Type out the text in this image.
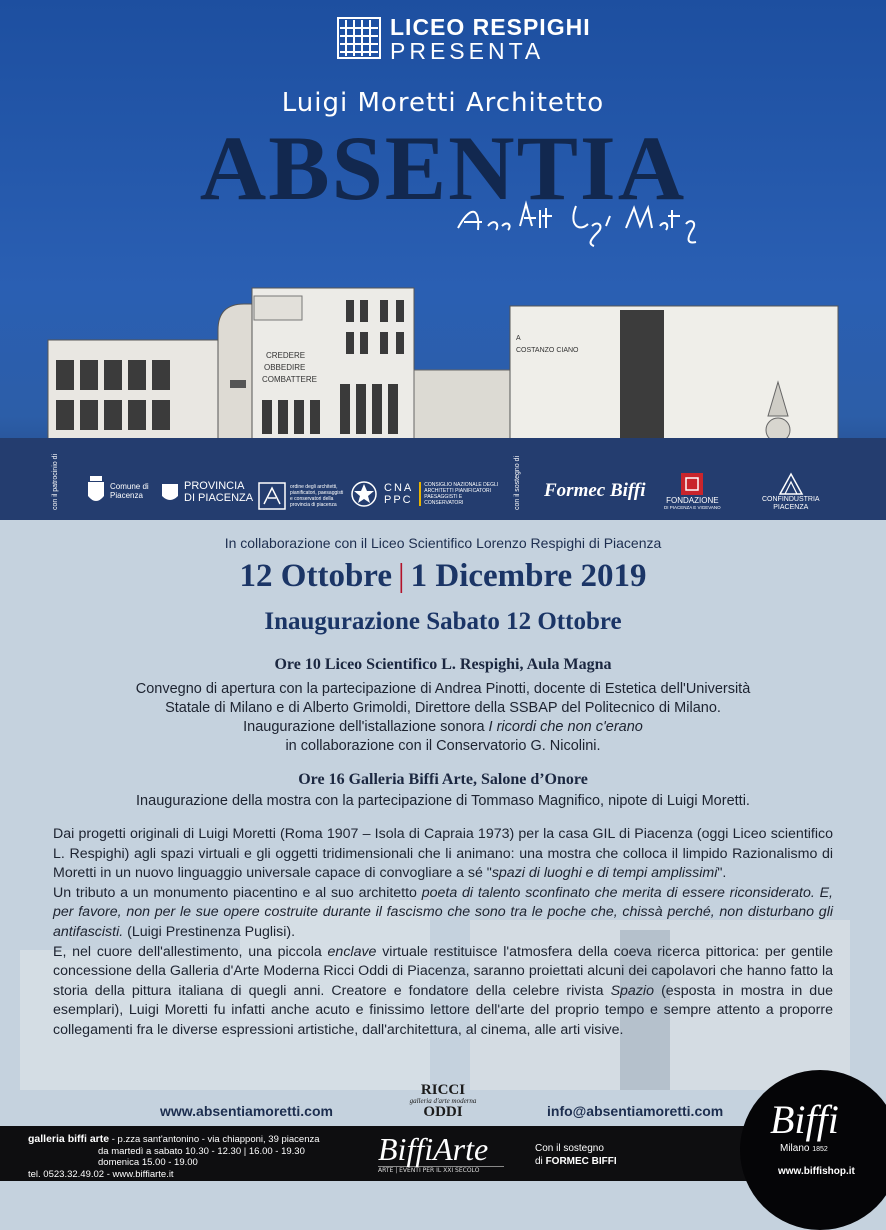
LICEO RESPIGHI
PRESENTA
Luigi Moretti Architetto
ABSENTIA
CREDERE
OBBEDIRE
COMBATTERE
A
COSTANZO CIANO
con il patrocinio di	Comune di Piacenza
PROVINCIA
DI PIACENZA
ordine degli architetti, pianificatori, paesaggisti e conservatori della provincia di piacenza
CNA
PPC
CONSIGLIO NAZIONALE DEGLI ARCHITETTI PIANIFICATORI PAESAGGISTI E CONSERVATORI	con il sostegno di Formec Biffi	FONDAZIONE
DI PIACENZA E VIGEVANO
CONFINDUSTRIA
PIACENZA
In collaborazione con il Liceo Scientifico Lorenzo Respighi di Piacenza
12 Ottobre | 1 Dicembre 2019
Inaugurazione Sabato 12 Ottobre
Ore 10 Liceo Scientifico L. Respighi, Aula Magna
Convegno di apertura con la partecipazione di Andrea Pinotti, docente di Estetica dell'Università
Statale di Milano e di Alberto Grimoldi, Direttore della SSBAP del Politecnico di Milano.
Inaugurazione dell'istallazione sonora I ricordi che non c'erano
in collaborazione con il Conservatorio G. Nicolini.
Ore 16 Galleria Biffi Arte, Salone d’Onore
Inaugurazione della mostra con la partecipazione di Tommaso Magnifico, nipote di Luigi Moretti.

Dai progetti originali di Luigi Moretti (Roma 1907 – Isola di Capraia 1973) per la casa GIL di Piacenza (oggi Liceo scientifico L. Respighi) agli spazi virtuali e gli oggetti tridimensionali che li animano: una mostra che colloca il limpido Razionalismo di Moretti in un nuovo linguaggio universale capace di convogliare a sé "spazi di luoghi e di tempi amplissimi".

Un tributo a un monumento piacentino e al suo architetto poeta di talento sconfinato che merita di essere riconsiderato. E, per favore, non per le sue opere costruite durante il fascismo che sono tra le poche che, chissà perché, non disturbano gli antifascisti. (Luigi Prestinenza Puglisi).

E, nel cuore dell'allestimento, una piccola enclave virtuale restituisce l'atmosfera della coeva ricerca pittorica: per gentile concessione della Galleria d'Arte Moderna Ricci Oddi di Piacenza, saranno proiettati alcuni dei capolavori che hanno fatto la storia della pittura italiana di quegli anni. Creatore e fondatore della celebre rivista Spazio (esposta in mostra in due esemplari), Luigi Moretti fu infatti anche acuto e finissimo lettore dell'arte del proprio tempo e sempre attento a proporre collegamenti fra le diverse espressioni artistiche, dall'architettura, al cinema, alle arti visive.

www.absentiamoretti.com
RICCI
galleria d'arte moderna
ODDI	info@absentiamoretti.com
galleria biffi arte - p.zza sant'antonino - via chiapponi, 39 piacenza
da martedì a sabato 10.30 - 12.30 | 16.00 - 19.30
domenica 15.00 - 19.00
tel. 0523.32.49.02 - www.biffiarte.it
BiffiArte
ARTE | EVENTI PER IL XXI SECOLO
Con il sostegno
di FORMEC BIFFI
Biffi
Milano 1852
www.biffishop.it
